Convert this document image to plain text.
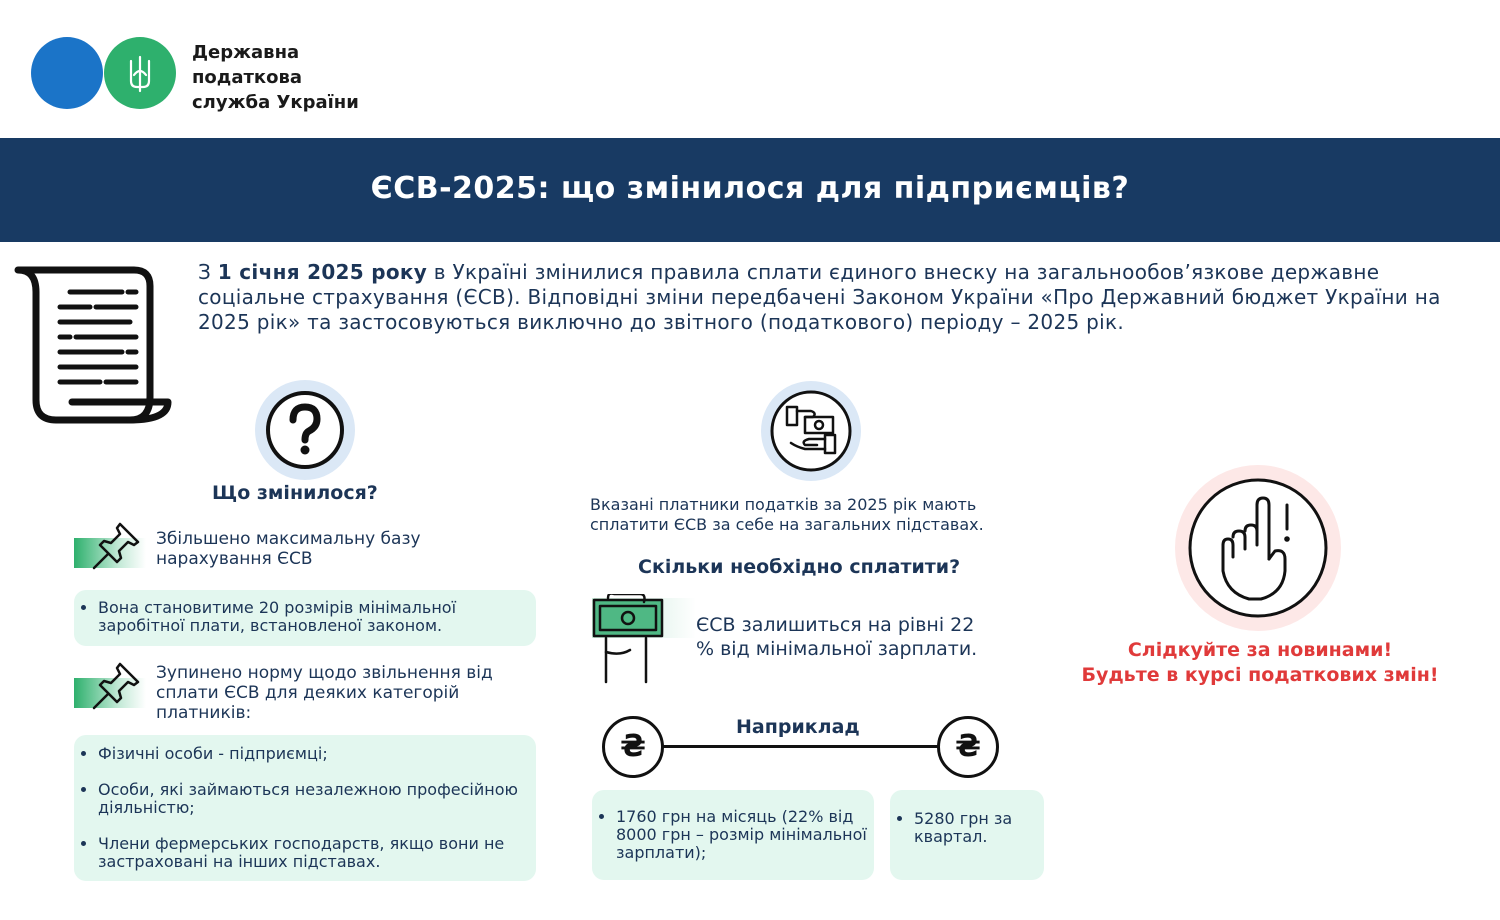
Державна
податкова
служба України
ЄСВ-2025: що змінилося для підприємців?
З 1 січня 2025 року в Україні змінилися правила сплати єдиного внеску на загальнообов’язкове державне соціальне страхування (ЄСВ). Відповідні зміни передбачені Законом України «Про Державний бюджет України на 2025 рік» та застосовуються виключно до звітного (податкового) періоду – 2025 рік.
Що змінилося?
Збільшено максимальну базу нарахування ЄСВ
• Вона становитиме 20 розмірів мінімальної заробітної плати, встановленої законом.
Зупинено норму щодо звільнення від сплати ЄСВ для деяких категорій платників:
• Фізичні особи - підприємці;
• Особи, які займаються незалежною професійною діяльністю;
• Члени фермерських господарств, якщо вони не застраховані на інших підставах.
Вказані платники податків за 2025 рік мають сплатити ЄСВ за себе на загальних підставах.
Скільки необхідно сплатити?
ЄСВ залишиться на рівні 22 % від мінімальної зарплати.
Наприклад
₴	₴
• 1760 грн на місяць (22% від 8000 грн – розмір мінімальної зарплати);
• 5280 грн за квартал.
Слідкуйте за новинами!
Будьте в курсі податкових змін!
